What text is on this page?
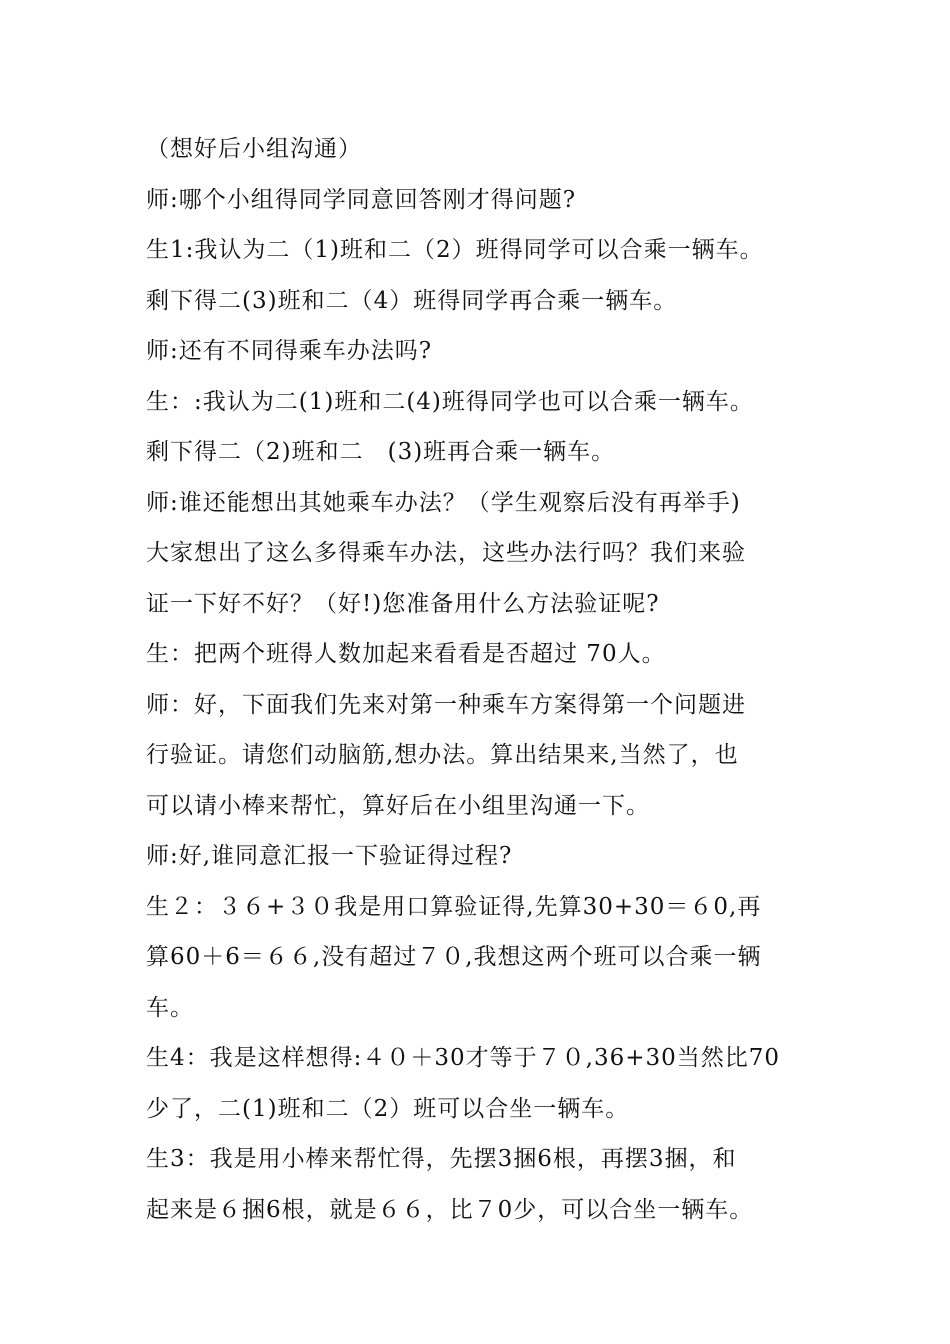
（想好后小组沟通）
师:哪个小组得同学同意回答刚才得问题?
生1:我认为二（1)班和二（2）班得同学可以合乘一辆车。
剩下得二(3)班和二（4）班得同学再合乘一辆车。
师:还有不同得乘车办法吗?
生：:我认为二(1)班和二(4)班得同学也可以合乘一辆车。
剩下得二（2)班和二　(3)班再合乘一辆车。
师:谁还能想出其她乘车办法？（学生观察后没有再举手)
大家想出了这么多得乘车办法，这些办法行吗？我们来验
证一下好不好？（好!)您准备用什么方法验证呢?
生：把两个班得人数加起来看看是否超过 70人。
师：好，下面我们先来对第一种乘车方案得第一个问题进
行验证。请您们动脑筋,想办法。算出结果来,当然了，也
可以请小棒来帮忙，算好后在小组里沟通一下。
师:好,谁同意汇报一下验证得过程?
生２：３６+３０我是用口算验证得,先算30+30＝６0,再
算60＋6＝６６,没有超过７０,我想这两个班可以合乘一辆
车。
生4：我是这样想得:４０＋30才等于７０,36+30当然比70
少了，二(1)班和二（2）班可以合坐一辆车。
生3：我是用小棒来帮忙得，先摆3捆6根，再摆3捆，和
起来是６捆6根，就是６６，比７0少，可以合坐一辆车。
